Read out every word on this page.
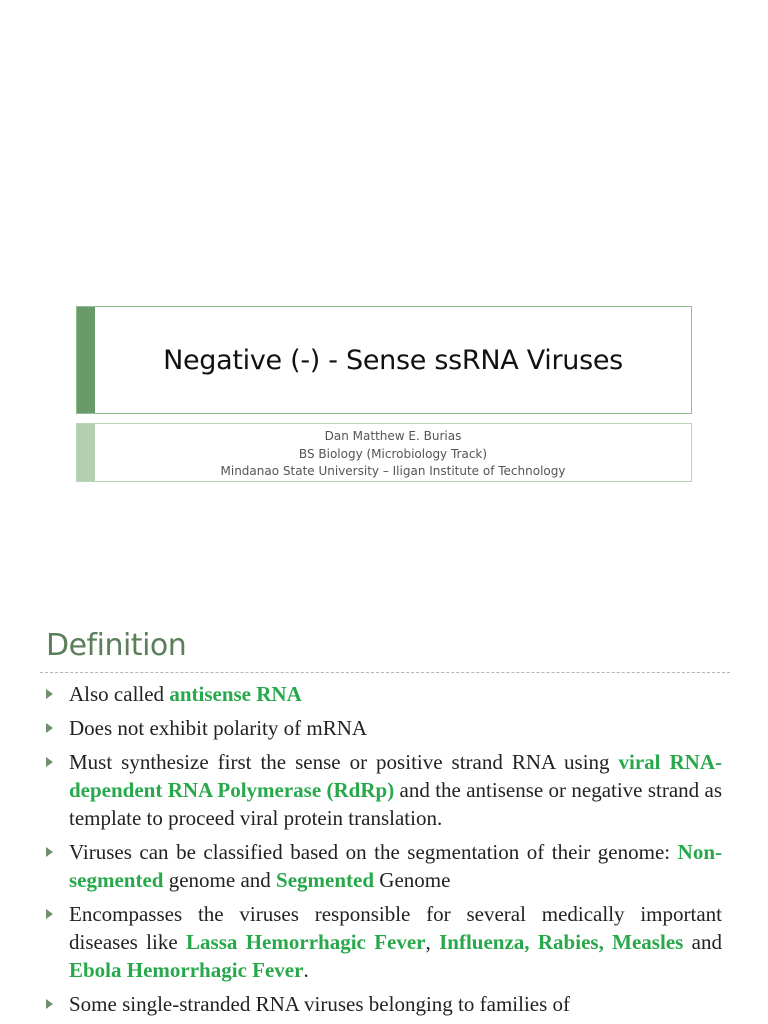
Negative (-) - Sense ssRNA Viruses
Dan Matthew E. Burias
BS Biology (Microbiology Track)
Mindanao State University – Iligan Institute of Technology
Definition
Also called antisense RNA
Does not exhibit polarity of mRNA
Must synthesize first the sense or positive strand RNA using viral RNA-dependent RNA Polymerase (RdRp) and the antisense or negative strand as template to proceed viral protein translation.
Viruses can be classified based on the segmentation of their genome: Non-segmented genome and Segmented Genome
Encompasses the viruses responsible for several medically important diseases like Lassa Hemorrhagic Fever, Influenza, Rabies, Measles and Ebola Hemorrhagic Fever.
Some single-stranded RNA viruses belonging to families of
